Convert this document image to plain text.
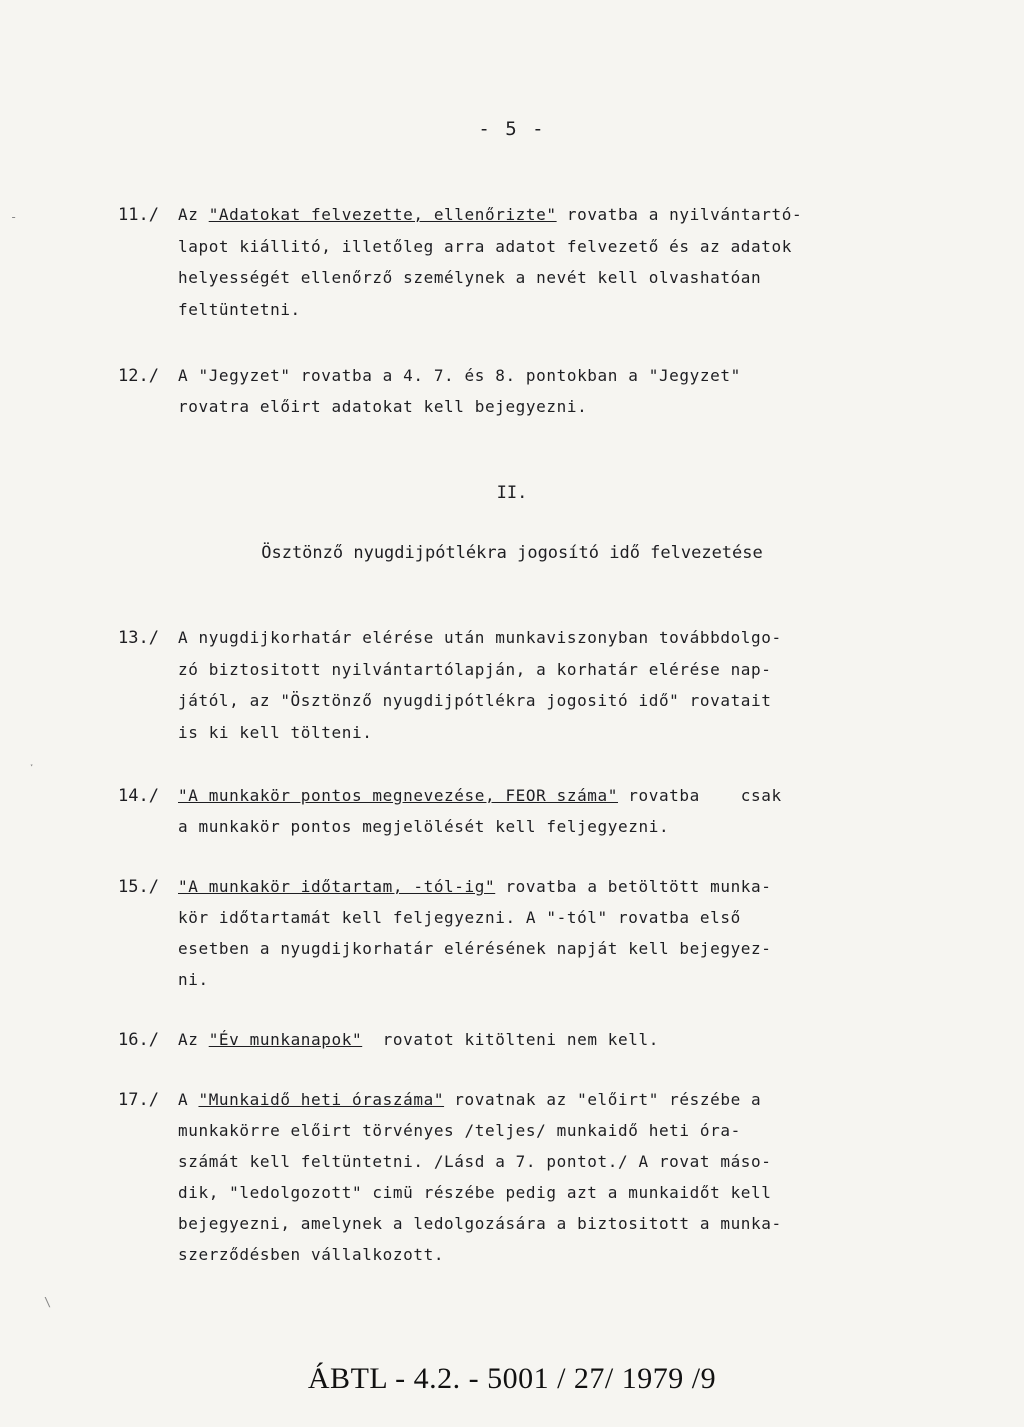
- 5 -
11./ Az "Adatokat felvezette, ellenőrizte" rovatba a nyilvántartó-
lapot kiállitó, illetőleg arra adatot felvezető és az adatok
helyességét ellenőrző személynek a nevét kell olvashatóan
feltüntetni.
12./ A "Jegyzet" rovatba a 4. 7. és 8. pontokban a "Jegyzet"
rovatra előirt adatokat kell bejegyezni.
13./ A nyugdijkorhatár elérése után munkaviszonyban továbbdolgo-
zó biztositott nyilvántartólapján, a korhatár elérése nap-
jától, az "Ösztönző nyugdijpótlékra jogositó idő" rovatait
is ki kell tölteni.
14./ "A munkakör pontos megnevezése, FEOR száma" rovatba    csak
a munkakör pontos megjelölését kell feljegyezni.
15./ "A munkakör időtartam, -tól-ig" rovatba a betöltött munka-
kör időtartamát kell feljegyezni. A "-tól" rovatba első
esetben a nyugdijkorhatár elérésének napját kell bejegyez-
ni.
16./ Az "Év munkanapok"  rovatot kitölteni nem kell.
17./ A "Munkaidő heti óraszáma" rovatnak az "előirt" részébe a
munkakörre előirt törvényes /teljes/ munkaidő heti óra-
számát kell feltüntetni. /Lásd a 7. pontot./ A rovat máso-
dik, "ledolgozott" cimü részébe pedig azt a munkaidőt kell
bejegyezni, amelynek a ledolgozására a biztositott a munka-
szerződésben vállalkozott.
II.
Ösztönző nyugdijpótlékra jogosító idő felvezetése
ÁBTL - 4.2. - 5001 / 27/ 1979 /9
-
ˑ
\
